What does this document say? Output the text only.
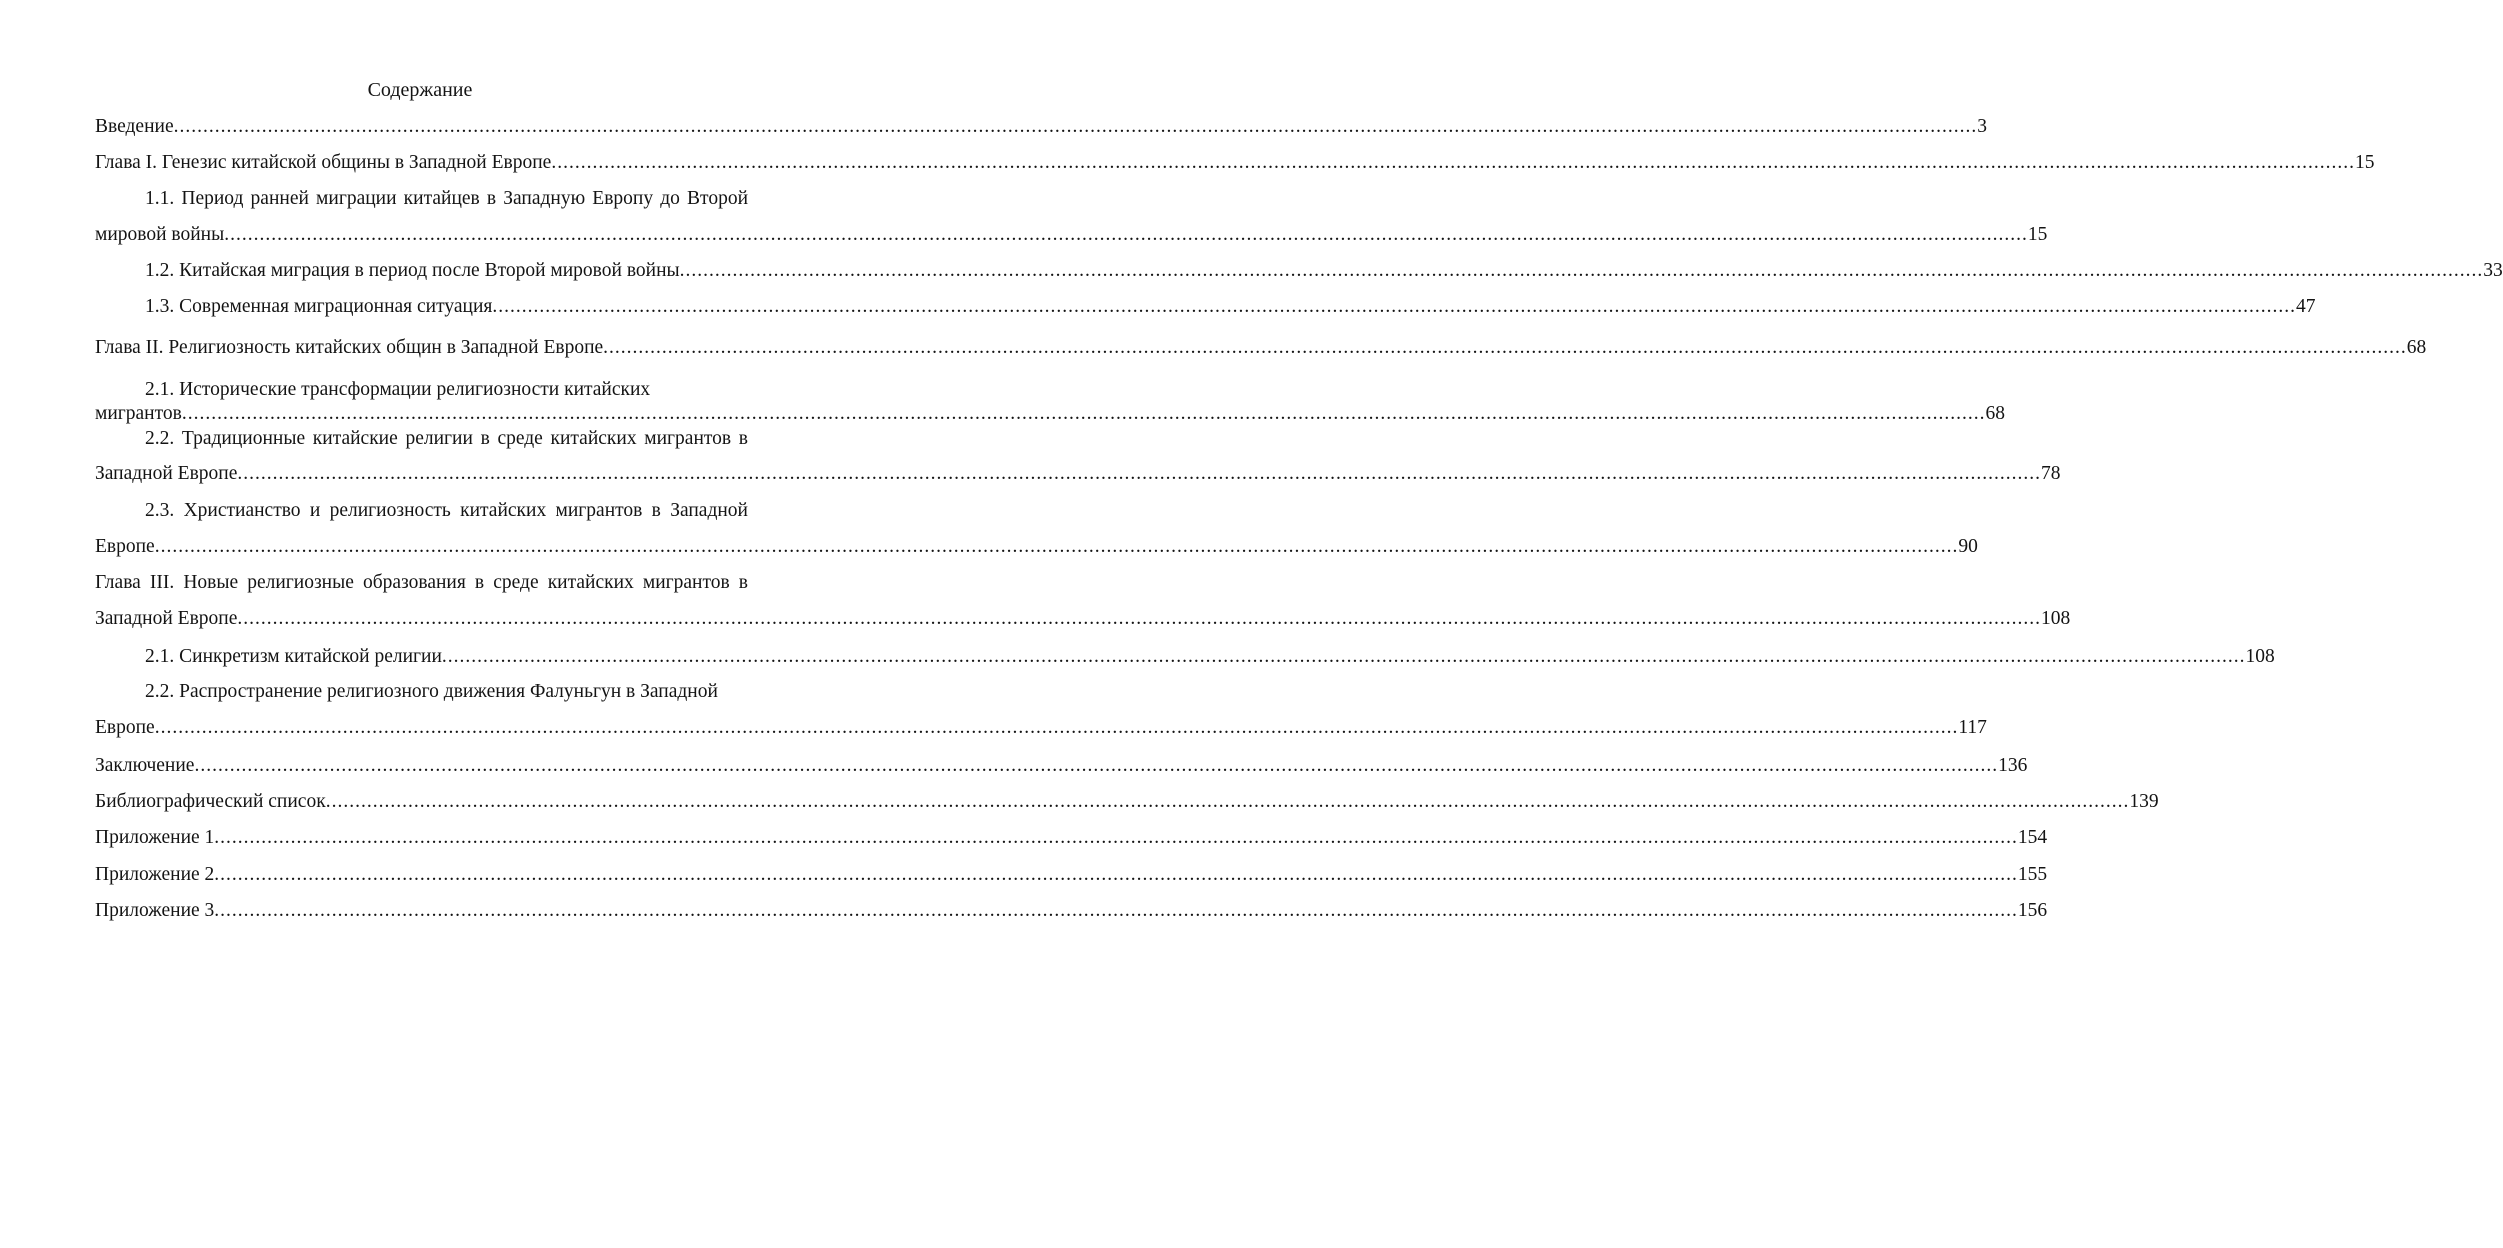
Содержание
Введение ................................................................................................................................................................................................................................................................................................................... 3
Глава I. Генезис китайской общины в Западной Европе ................................................................................................................................................................................................................................................................................................................... 15
1.1. Период ранней миграции китайцев в Западную Европу до Второй
мировой войны ................................................................................................................................................................................................................................................................................................................... 15
1.2. Китайская миграция в период после Второй мировой войны ................................................................................................................................................................................................................................................................................................................... 33
1.3. Современная миграционная ситуация ................................................................................................................................................................................................................................................................................................................... 47
Глава II. Религиозность китайских общин в Западной Европе ................................................................................................................................................................................................................................................................................................................... 68
2.1. Исторические трансформации религиозности китайских
мигрантов ................................................................................................................................................................................................................................................................................................................... 68
2.2. Традиционные китайские религии в среде китайских мигрантов в
Западной Европе ................................................................................................................................................................................................................................................................................................................... 78
2.3. Христианство и религиозность китайских мигрантов в Западной
Европе ................................................................................................................................................................................................................................................................................................................... 90
Глава III. Новые религиозные образования в среде китайских мигрантов в
Западной Европе ................................................................................................................................................................................................................................................................................................................... 108
2.1. Синкретизм китайской религии ................................................................................................................................................................................................................................................................................................................... 108
2.2. Распространение религиозного движения Фалуньгун в Западной
Европе ................................................................................................................................................................................................................................................................................................................... 117
Заключение ................................................................................................................................................................................................................................................................................................................... 136
Библиографический список ................................................................................................................................................................................................................................................................................................................... 139
Приложение 1 ................................................................................................................................................................................................................................................................................................................... 154
Приложение 2 ................................................................................................................................................................................................................................................................................................................... 155
Приложение 3 ................................................................................................................................................................................................................................................................................................................... 156
